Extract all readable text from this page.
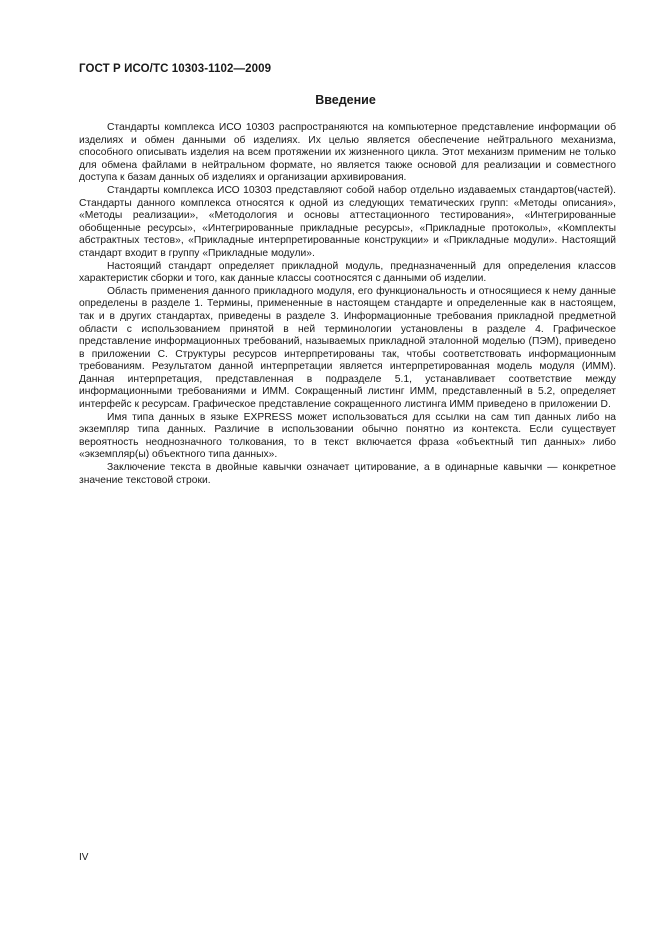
ГОСТ Р ИСО/ТС 10303-1102—2009
Введение

Стандарты комплекса ИСО 10303 распространяются на компьютерное представление информации об изделиях и обмен данными об изделиях. Их целью является обеспечение нейтрального механизма, способного описывать изделия на всем протяжении их жизненного цикла. Этот механизм применим не только для обмена файлами в нейтральном формате, но является также основой для реализации и совместного доступа к базам данных об изделиях и организации архивирования.

Стандарты комплекса ИСО 10303 представляют собой набор отдельно издаваемых стандартов(частей). Стандарты данного комплекса относятся к одной из следующих тематических групп: «Методы описания», «Методы реализации», «Методология и основы аттестационного тестирования», «Интегрированные обобщенные ресурсы», «Интегрированные прикладные ресурсы», «Прикладные протоколы», «Комплекты абстрактных тестов», «Прикладные интерпретированные конструкции» и «Прикладные модули». Настоящий стандарт входит в группу «Прикладные модули».

Настоящий стандарт определяет прикладной модуль, предназначенный для определения классов характеристик сборки и того, как данные классы соотносятся с данными об изделии.

Область применения данного прикладного модуля, его функциональность и относящиеся к нему данные определены в разделе 1. Термины, примененные в настоящем стандарте и определенные как в настоящем, так и в других стандартах, приведены в разделе 3. Информационные требования прикладной предметной области с использованием принятой в ней терминологии установлены в разделе 4. Графическое представление информационных требований, называемых прикладной эталонной моделью (ПЭМ), приведено в приложении С. Структуры ресурсов интерпретированы так, чтобы соответствовать информационным требованиям. Результатом данной интерпретации является интерпретированная модель модуля (ИММ). Данная интерпретация, представленная в подразделе 5.1, устанавливает соответствие между информационными требованиями и ИММ. Сокращенный листинг ИММ, представленный в 5.2, определяет интерфейс к ресурсам. Графическое представление сокращенного листинга ИММ приведено в приложении D.

Имя типа данных в языке EXPRESS может использоваться для ссылки на сам тип данных либо на экземпляр типа данных. Различие в использовании обычно понятно из контекста. Если существует вероятность неоднозначного толкования, то в текст включается фраза «объектный тип данных» либо «экземпляр(ы) объектного типа данных».

Заключение текста в двойные кавычки означает цитирование, а в одинарные кавычки — конкретное значение текстовой строки.

IV
